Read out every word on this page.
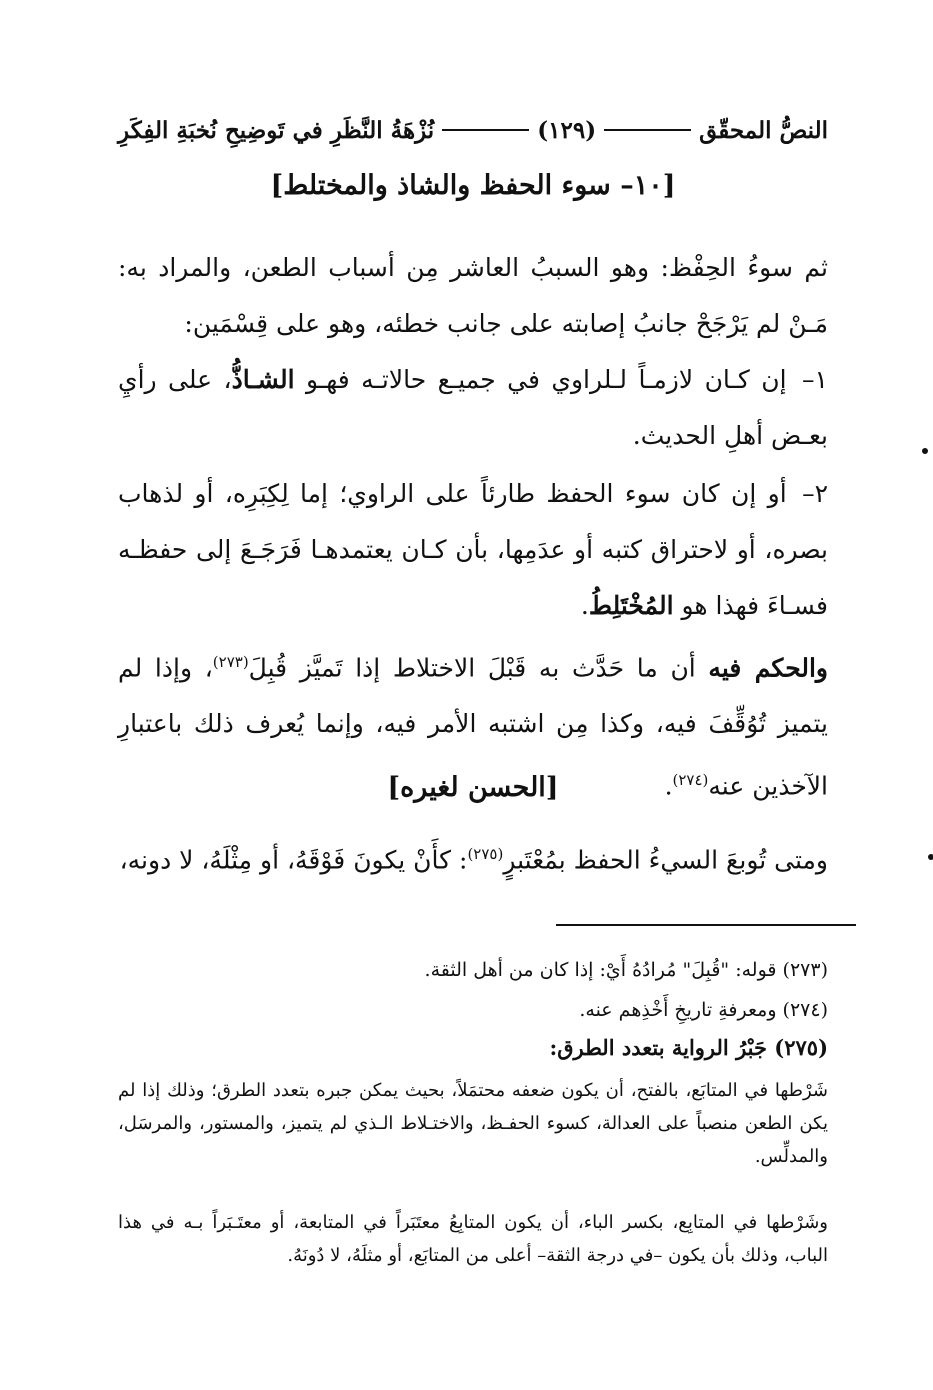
النصُّ المحقّق
(١٢٩)
نُزْهَةُ النَّظَرِ في تَوضِيحِ نُخبَةِ الفِكَرِ
[١٠– سوء الحفظ والشاذ والمختلط]
ثم سوءُ الحِفْظ: وهو السببُ العاشر مِن أسباب الطعن، والمراد به: مَـنْ لم يَرْجَحْ جانبُ إصابته على جانب خطئه، وهو على قِسْمَين:
١– إن كـان لازمـاً لـلراوي في جميـع حالاتـه فهـو الشـاذُّ، على رأيِ بعـض أهلِ الحديث.
٢– أو إن كان سوء الحفظ طارئاً على الراوي؛ إما لِكِبَرِه، أو لذهاب بصره، أو لاحتراق كتبه أو عدَمِها، بأن كـان يعتمدهـا فَرَجَـعَ إلى حفظـه فسـاءَ فهذا هو المُخْتَلِطُ.
والحكم فيه أن ما حَدَّث به قَبْلَ الاختلاط إذا تَميَّز قُبِلَ$^{(٢٧٣)}$، وإذا لم يتميز تُوُقِّفَ فيه، وكذا مِن اشتبه الأمر فيه، وإنما يُعرف ذلك باعتبارِ الآخذين عنه$^{(٢٧٤)}$.
[الحسن لغيره]
ومتى تُوبعَ السيءُ الحفظ بمُعْتَبرٍ$^{(٢٧٥)}$: كأَنْ يكونَ فَوْقَهُ، أو مِثْلَهُ، لا دونه،
(٢٧٣) قوله: "قُبِلَ" مُرادُهُ أَيْ: إذا كان من أهل الثقة.
(٢٧٤) ومعرفةِ تاريخِ أَخْذِهم عنه.
(٢٧٥) جَبْرُ الرواية بتعدد الطرق:
شَرْطها في المتابَع، بالفتح، أن يكون ضعفه محتمَلاً، بحيث يمكن جبره بتعدد الطرق؛ وذلك إذا لم يكن الطعن منصباً على العدالة، كسوء الحفـظ، والاختـلاط الـذي لم يتميز، والمستور، والمرسَل، والمدلِّس.
وشَرْطها في المتابِع، بكسر الباء، أن يكون المتابِعُ معتَبَراً في المتابعة، أو معتَـبَراً بـه في هذا الباب، وذلك بأن يكون –في درجة الثقة– أعلى من المتابَع، أو مثلَهُ، لا دُونَهُ.
